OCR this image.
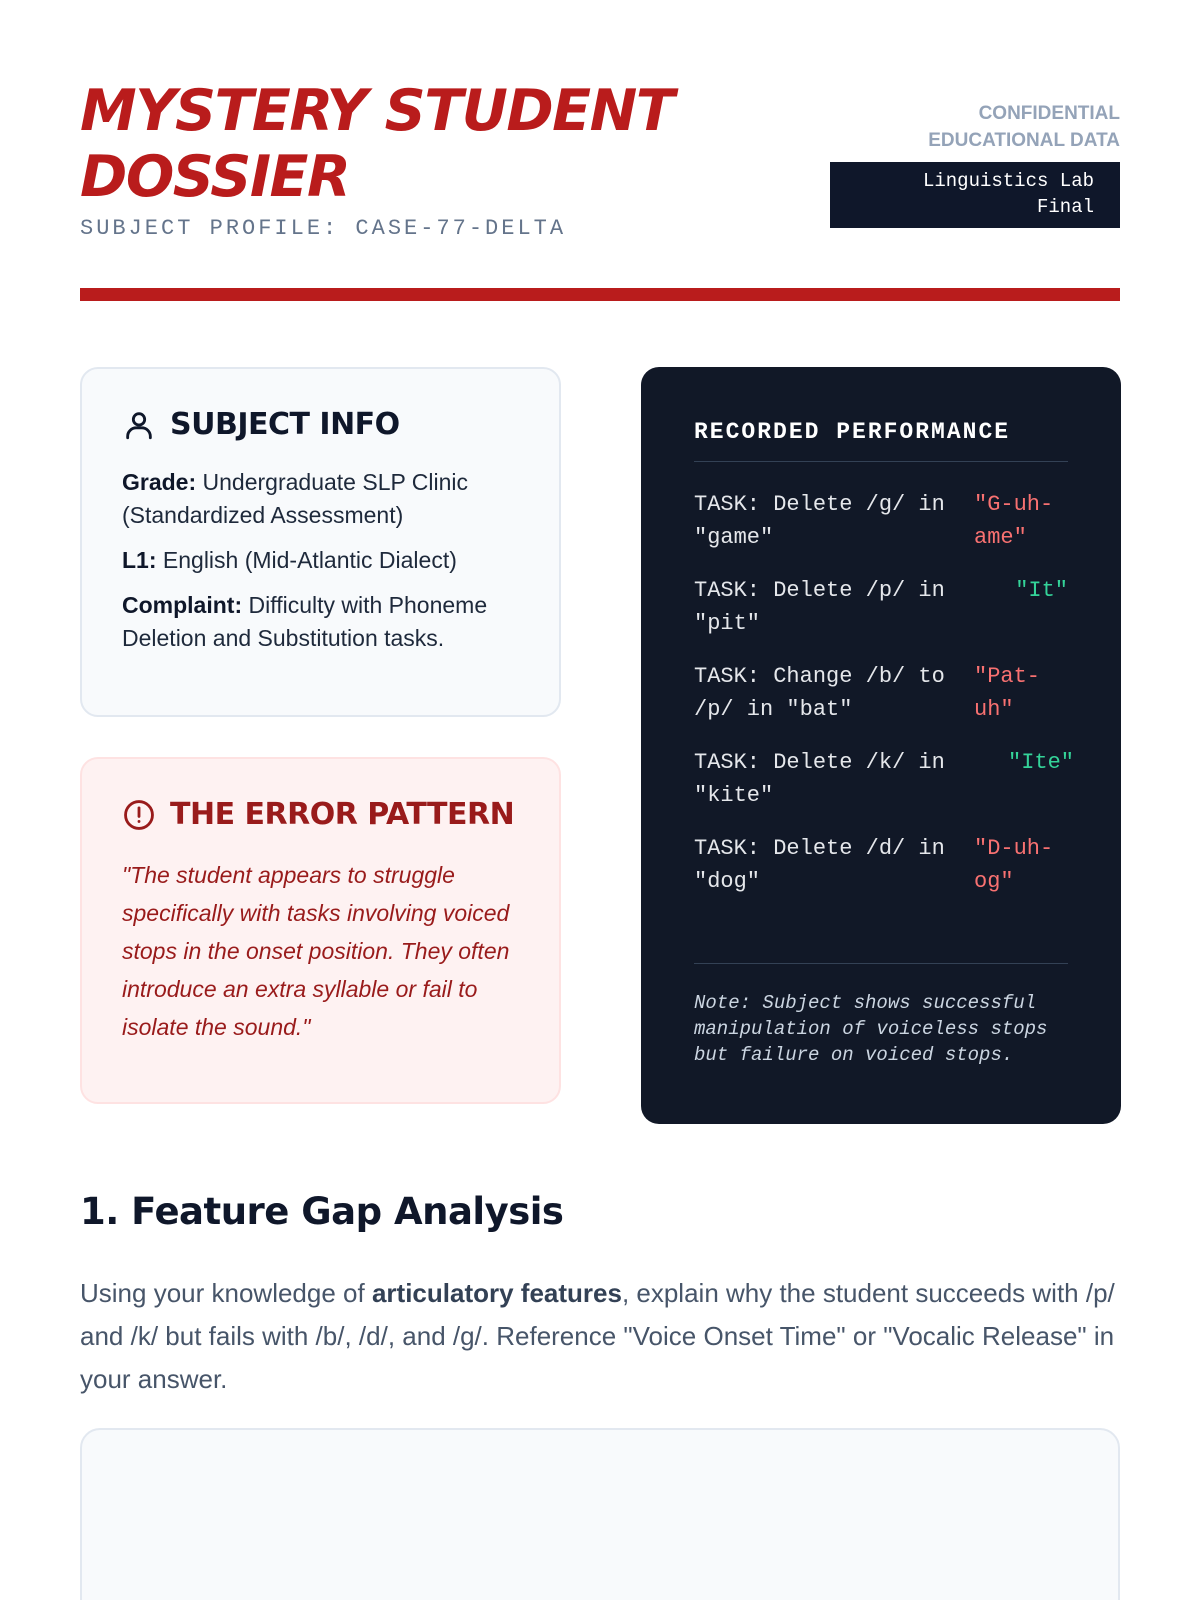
MYSTERY STUDENT
DOSSIER
SUBJECT PROFILE: CASE-77-DELTA
CONFIDENTIAL
EDUCATIONAL DATA
Linguistics Lab
Final
SUBJECT INFO
Grade: Undergraduate SLP Clinic (Standardized Assessment)
L1: English (Mid-Atlantic Dialect)
Complaint: Difficulty with Phoneme Deletion and Substitution tasks.
THE ERROR PATTERN
"The student appears to struggle specifically with tasks involving voiced stops in the onset position. They often introduce an extra syllable or fail to isolate the sound."
RECORDED PERFORMANCE
TASK: Delete /g/ in "game"
"G-uh-ame"
TASK: Delete /p/ in "pit"
"It"
TASK: Change /b/ to /p/ in "bat"
"Pat-uh"
TASK: Delete /k/ in "kite"
"Ite"
TASK: Delete /d/ in "dog"
"D-uh-og"
Note: Subject shows successful manipulation of voiceless stops but failure on voiced stops.
1. Feature Gap Analysis
Using your knowledge of articulatory features, explain why the student succeeds with /p/ and /k/ but fails with /b/, /d/, and /g/. Reference "Voice Onset Time" or "Vocalic Release" in your answer.
